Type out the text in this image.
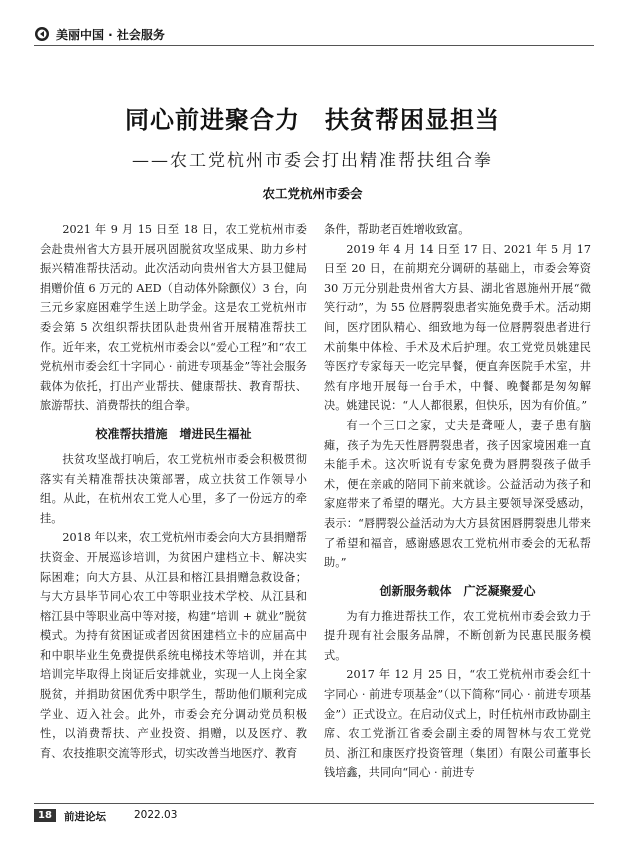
美丽中国 · 社会服务
同心前进聚合力　扶贫帮困显担当
——农工党杭州市委会打出精准帮扶组合拳
农工党杭州市委会

2021 年 9 月 15 日至 18 日，农工党杭州市委会赴贵州省大方县开展巩固脱贫攻坚成果、助力乡村振兴精准帮扶活动。此次活动向贵州省大方县卫健局捐赠价值 6 万元的 AED（自动体外除颤仪）3 台，向三元乡家庭困难学生送上助学金。这是农工党杭州市委会第 5 次组织帮扶团队赴贵州省开展精准帮扶工作。近年来，农工党杭州市委会以“爱心工程”和“农工党杭州市委会红十字同心 · 前进专项基金”等社会服务载体为依托，打出产业帮扶、健康帮扶、教育帮扶、旅游帮扶、消费帮扶的组合拳。

校准帮扶措施　增进民生福祉

扶贫攻坚战打响后，农工党杭州市委会积极贯彻落实有关精准帮扶决策部署，成立扶贫工作领导小组。从此，在杭州农工党人心里，多了一份远方的牵挂。

2018 年以来，农工党杭州市委会向大方县捐赠帮扶资金、开展巡诊培训，为贫困户建档立卡、解决实际困难；向大方县、从江县和榕江县捐赠急救设备；与大方县毕节同心农工中等职业技术学校、从江县和榕江县中等职业高中等对接，构建“培训 + 就业”脱贫模式。为持有贫困证或者因贫困建档立卡的应届高中和中职毕业生免费提供系统电梯技术等培训，并在其培训完毕取得上岗证后安排就业，实现一人上岗全家脱贫，并捐助贫困优秀中职学生，帮助他们顺利完成学业、迈入社会。此外，市委会充分调动党员积极性，以消费帮扶、产业投资、捐赠，以及医疗、教育、农技推职交流等形式，切实改善当地医疗、教育

条件，帮助老百姓增收致富。

2019 年 4 月 14 日至 17 日、2021 年 5 月 17 日至 20 日，在前期充分调研的基础上，市委会筹资 30 万元分别赴贵州省大方县、湖北省恩施州开展“微笑行动”，为 55 位唇腭裂患者实施免费手术。活动期间，医疗团队精心、细致地为每一位唇腭裂患者进行术前集中体检、手术及术后护理。农工党党员姚建民等医疗专家每天一吃完早餐，便直奔医院手术室，井然有序地开展每一台手术，中餐、晚餐都是匆匆解决。姚建民说：“人人都很累，但快乐，因为有价值。”

有一个三口之家，丈夫是聋哑人，妻子患有脑瘫，孩子为先天性唇腭裂患者，孩子因家境困难一直未能手术。这次听说有专家免费为唇腭裂孩子做手术，便在亲戚的陪同下前来就诊。公益活动为孩子和家庭带来了希望的曙光。大方县主要领导深受感动，表示：“唇腭裂公益活动为大方县贫困唇腭裂患儿带来了希望和福音，感谢感恩农工党杭州市委会的无私帮助。”

创新服务载体　广泛凝聚爱心

为有力推进帮扶工作，农工党杭州市委会致力于提升现有社会服务品牌，不断创新为民惠民服务模式。

2017 年 12 月 25 日，“农工党杭州市委会红十字同心 · 前进专项基金”（以下简称“同心 · 前进专项基金”）正式设立。在启动仪式上，时任杭州市政协副主席、农工党浙江省委会副主委的周智林与农工党党员、浙江和康医疗投资管理（集团）有限公司董事长钱培鑫，共同向“同心 · 前进专

18	前进论坛	2022.03
